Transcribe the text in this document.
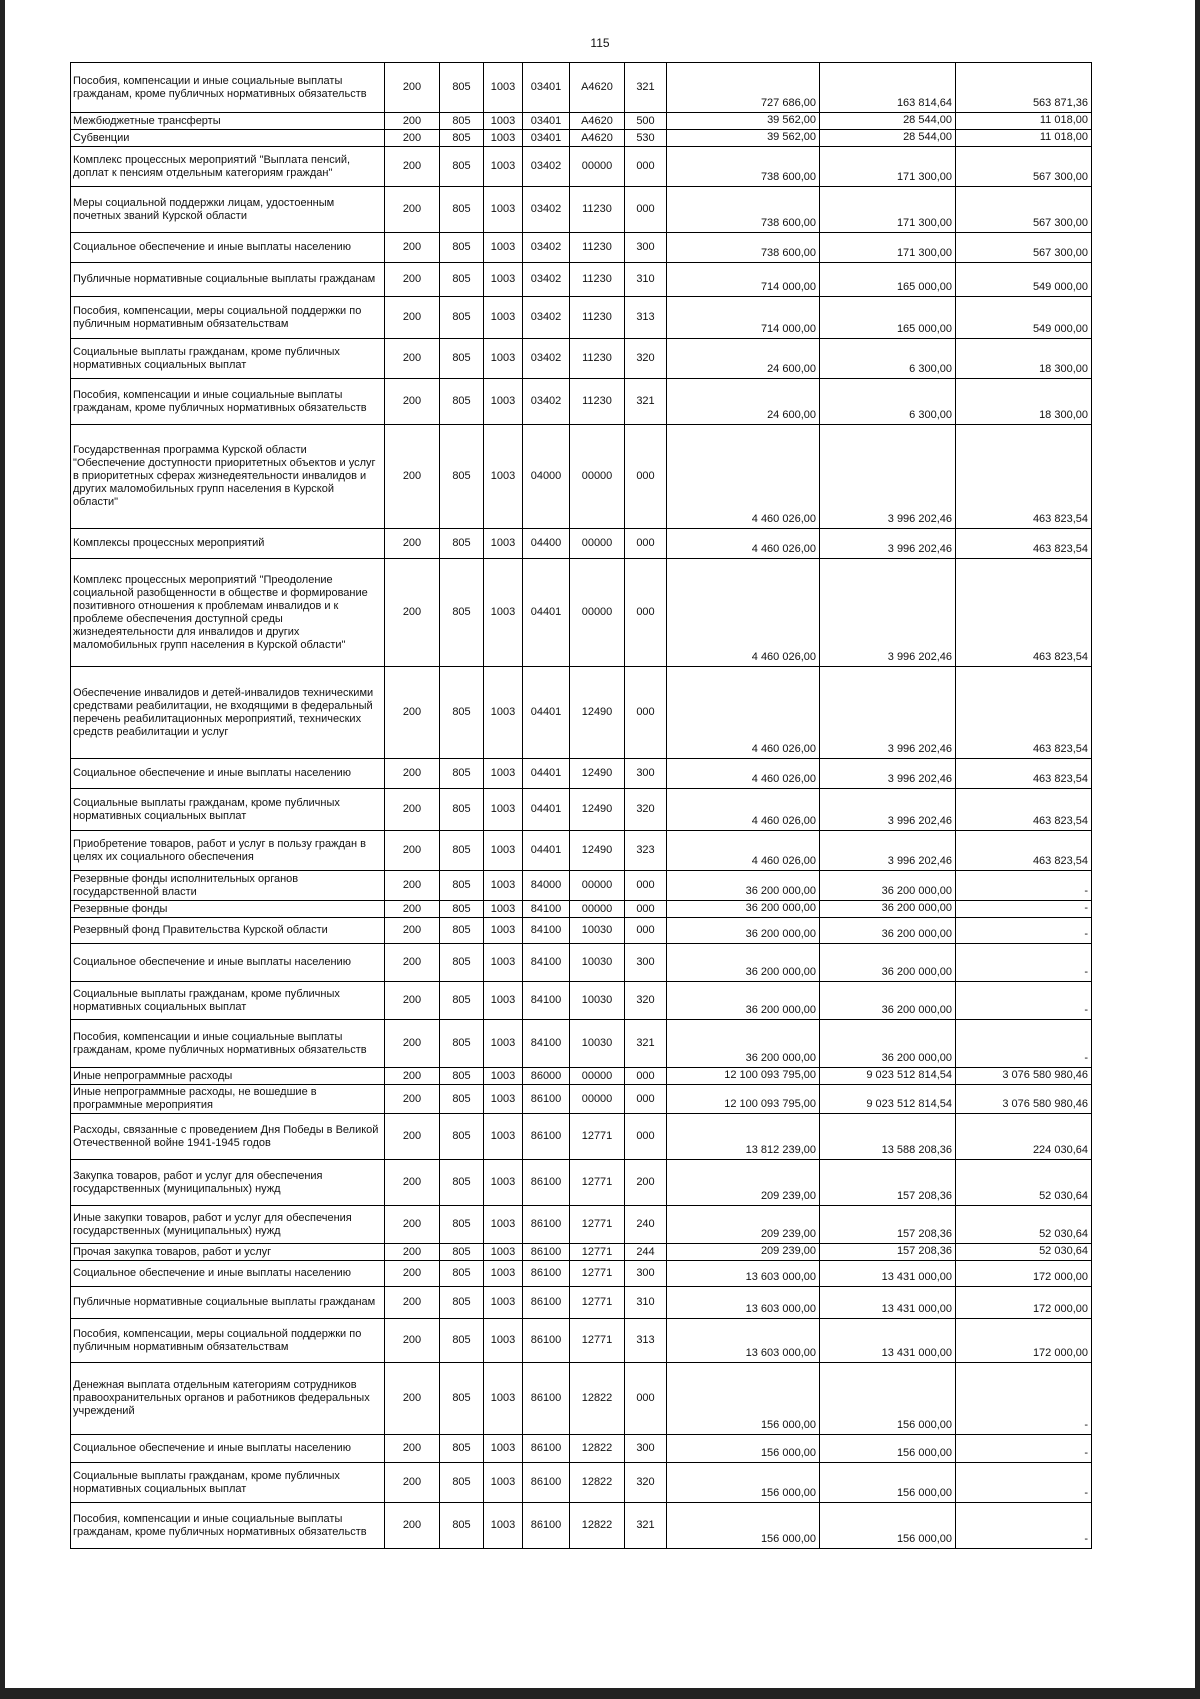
115
Пособия, компенсации и иные социальные выплаты гражданам, кроме публичных нормативных обязательств	200	805	1003	03401	А4620	321	727 686,00	163 814,64	563 871,36
Межбюджетные трансферты	200	805	1003	03401	А4620	500	39 562,00	28 544,00	11 018,00
Субвенции	200	805	1003	03401	А4620	530	39 562,00	28 544,00	11 018,00
Комплекс процессных мероприятий "Выплата пенсий, доплат к пенсиям отдельным категориям граждан"	200	805	1003	03402	00000	000	738 600,00	171 300,00	567 300,00
Меры социальной поддержки лицам, удостоенным почетных званий Курской области	200	805	1003	03402	11230	000	738 600,00	171 300,00	567 300,00
Социальное обеспечение и иные выплаты населению	200	805	1003	03402	11230	300	738 600,00	171 300,00	567 300,00
Публичные нормативные социальные выплаты гражданам	200	805	1003	03402	11230	310	714 000,00	165 000,00	549 000,00
Пособия, компенсации, меры социальной поддержки по публичным нормативным обязательствам	200	805	1003	03402	11230	313	714 000,00	165 000,00	549 000,00
Социальные выплаты гражданам, кроме публичных нормативных социальных выплат	200	805	1003	03402	11230	320	24 600,00	6 300,00	18 300,00
Пособия, компенсации и иные социальные выплаты гражданам, кроме публичных нормативных обязательств	200	805	1003	03402	11230	321	24 600,00	6 300,00	18 300,00
Государственная программа Курской области "Обеспечение доступности приоритетных объектов и услуг в приоритетных сферах жизнедеятельности инвалидов и других маломобильных групп населения в Курской области"	200	805	1003	04000	00000	000	4 460 026,00	3 996 202,46	463 823,54
Комплексы процессных мероприятий	200	805	1003	04400	00000	000	4 460 026,00	3 996 202,46	463 823,54
Комплекс процессных мероприятий "Преодоление социальной разобщенности в обществе и формирование позитивного отношения к проблемам инвалидов и к проблеме обеспечения доступной среды жизнедеятельности для инвалидов и других маломобильных групп населения в Курской области"	200	805	1003	04401	00000	000	4 460 026,00	3 996 202,46	463 823,54
Обеспечение инвалидов и детей-инвалидов техническими средствами реабилитации, не входящими в федеральный перечень реабилитационных мероприятий, технических средств реабилитации и услуг	200	805	1003	04401	12490	000	4 460 026,00	3 996 202,46	463 823,54
Социальное обеспечение и иные выплаты населению	200	805	1003	04401	12490	300	4 460 026,00	3 996 202,46	463 823,54
Социальные выплаты гражданам, кроме публичных нормативных социальных выплат	200	805	1003	04401	12490	320	4 460 026,00	3 996 202,46	463 823,54
Приобретение товаров, работ и услуг в пользу граждан в целях их социального обеспечения	200	805	1003	04401	12490	323	4 460 026,00	3 996 202,46	463 823,54
Резервные фонды исполнительных органов государственной власти	200	805	1003	84000	00000	000	36 200 000,00	36 200 000,00	-
Резервные фонды	200	805	1003	84100	00000	000	36 200 000,00	36 200 000,00	-
Резервный фонд Правительства Курской области	200	805	1003	84100	10030	000	36 200 000,00	36 200 000,00	-
Социальное обеспечение и иные выплаты населению	200	805	1003	84100	10030	300	36 200 000,00	36 200 000,00	-
Социальные выплаты гражданам, кроме публичных нормативных социальных выплат	200	805	1003	84100	10030	320	36 200 000,00	36 200 000,00	-
Пособия, компенсации и иные социальные выплаты гражданам, кроме публичных нормативных обязательств	200	805	1003	84100	10030	321	36 200 000,00	36 200 000,00	-
Иные непрограммные расходы	200	805	1003	86000	00000	000	12 100 093 795,00	9 023 512 814,54	3 076 580 980,46
Иные непрограммные расходы, не вошедшие в программные мероприятия	200	805	1003	86100	00000	000	12 100 093 795,00	9 023 512 814,54	3 076 580 980,46
Расходы, связанные с проведением Дня Победы в Великой Отечественной войне 1941-1945 годов	200	805	1003	86100	12771	000	13 812 239,00	13 588 208,36	224 030,64
Закупка товаров, работ и услуг для обеспечения государственных (муниципальных) нужд	200	805	1003	86100	12771	200	209 239,00	157 208,36	52 030,64
Иные закупки товаров, работ и услуг для обеспечения государственных (муниципальных) нужд	200	805	1003	86100	12771	240	209 239,00	157 208,36	52 030,64
Прочая закупка товаров, работ и услуг	200	805	1003	86100	12771	244	209 239,00	157 208,36	52 030,64
Социальное обеспечение и иные выплаты населению	200	805	1003	86100	12771	300	13 603 000,00	13 431 000,00	172 000,00
Публичные нормативные социальные выплаты гражданам	200	805	1003	86100	12771	310	13 603 000,00	13 431 000,00	172 000,00
Пособия, компенсации, меры социальной поддержки по публичным нормативным обязательствам	200	805	1003	86100	12771	313	13 603 000,00	13 431 000,00	172 000,00
Денежная выплата отдельным категориям сотрудников правоохранительных органов и работников федеральных учреждений	200	805	1003	86100	12822	000	156 000,00	156 000,00	-
Социальное обеспечение и иные выплаты населению	200	805	1003	86100	12822	300	156 000,00	156 000,00	-
Социальные выплаты гражданам, кроме публичных нормативных социальных выплат	200	805	1003	86100	12822	320	156 000,00	156 000,00	-
Пособия, компенсации и иные социальные выплаты гражданам, кроме публичных нормативных обязательств	200	805	1003	86100	12822	321	156 000,00	156 000,00	-
